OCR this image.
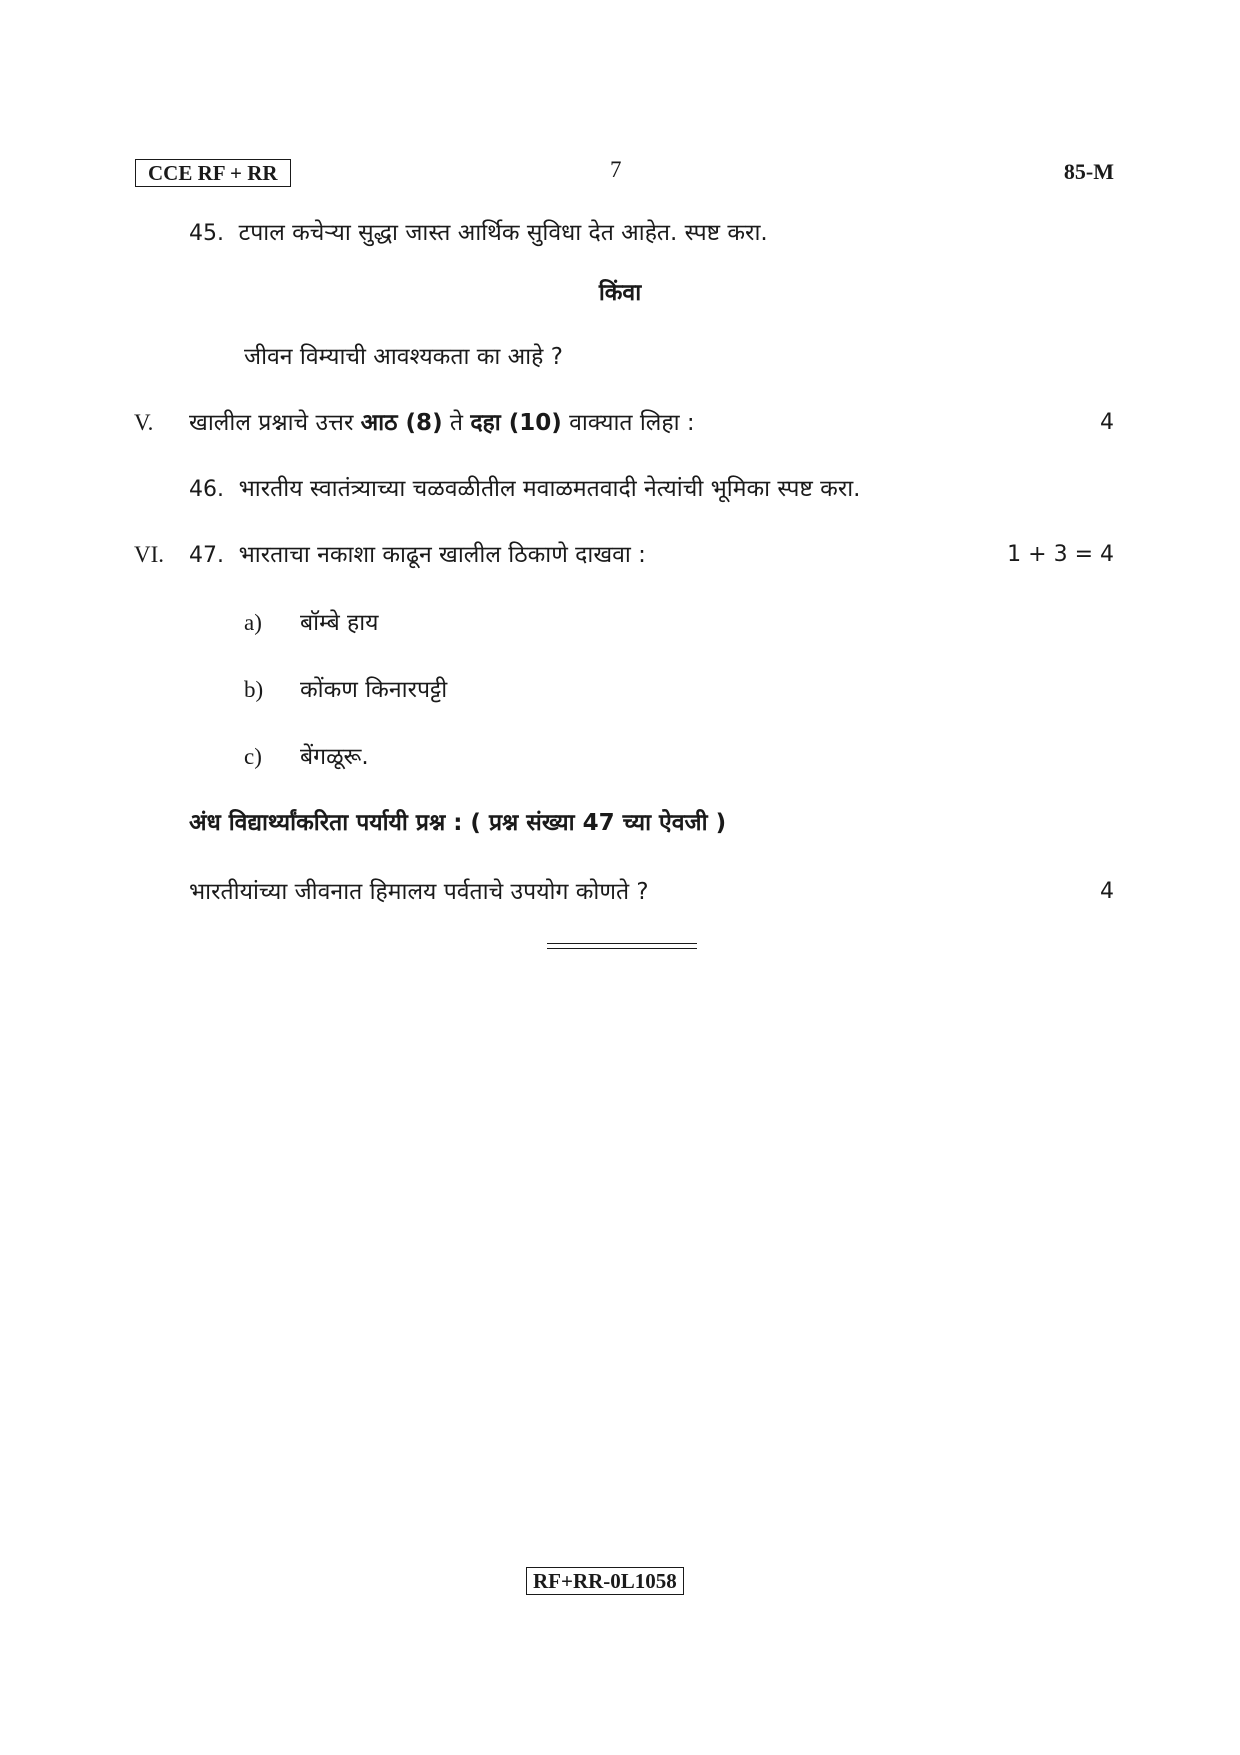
CCE RF + RR	7	85-M
45. टपाल कचेऱ्या सुद्धा जास्त आर्थिक सुविधा देत आहेत. स्पष्ट करा.
किंवा
जीवन विम्याची आवश्यकता का आहे ?
V. खालील प्रश्नाचे उत्तर आठ (8) ते दहा (10) वाक्यात लिहा :	4
46. भारतीय स्वातंत्र्याच्या चळवळीतील मवाळमतवादी नेत्यांची भूमिका स्पष्ट करा.
VI. 47. भारताचा नकाशा काढून खालील ठिकाणे दाखवा :	1 + 3 = 4
a) बॉम्बे हाय
b) कोंकण किनारपट्टी
c) बेंगळूरू.
अंध विद्यार्थ्यांकरिता पर्यायी प्रश्न : ( प्रश्न संख्या 47 च्या ऐवजी )
भारतीयांच्या जीवनात हिमालय पर्वताचे उपयोग कोणते ?	4
RF+RR-0L1058
